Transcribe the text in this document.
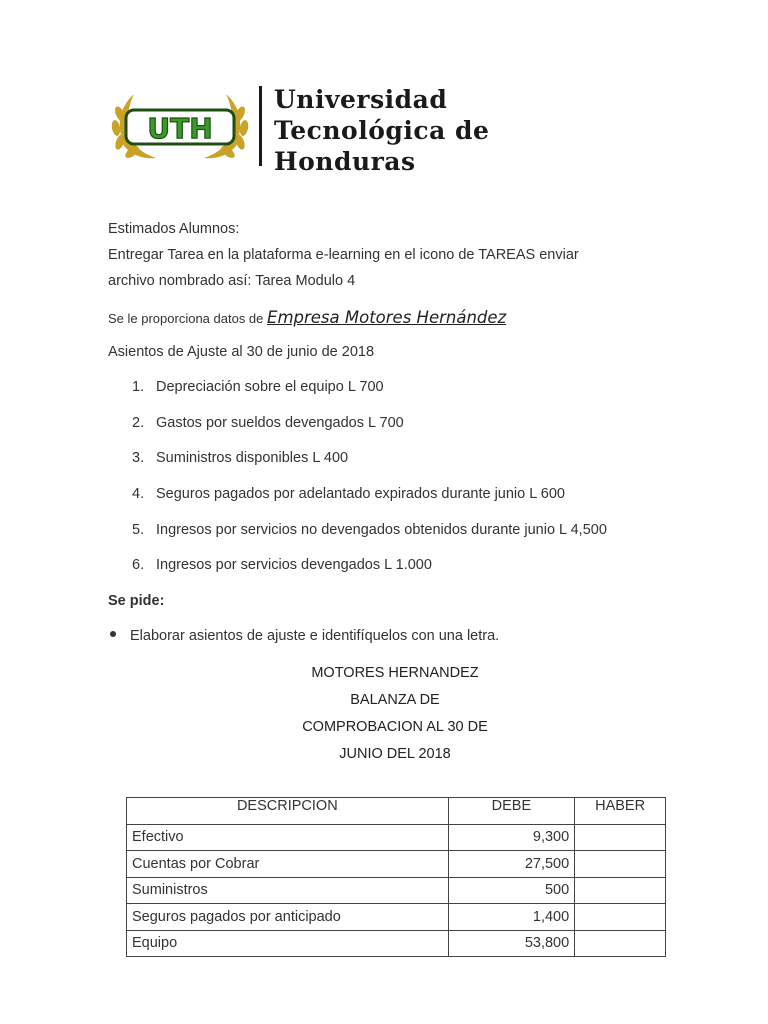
UTH
Universidad
Tecnológica de
Honduras
Estimados Alumnos:
Entregar Tarea en la plataforma e-learning en el icono de TAREAS enviar
archivo nombrado así: Tarea Modulo 4
Se le proporciona datos de Empresa Motores Hernández
Asientos de Ajuste al 30 de junio de 2018
1. Depreciación sobre el equipo L 700
2. Gastos por sueldos devengados L 700
3. Suministros disponibles L 400
4. Seguros pagados por adelantado expirados durante junio L 600
5. Ingresos por servicios no devengados obtenidos durante junio L 4,500
6. Ingresos por servicios devengados L 1.000
Se pide:
Elaborar asientos de ajuste e identifíquelos con una letra.
MOTORES HERNANDEZ
BALANZA DE
COMPROBACION AL 30 DE
JUNIO DEL 2018
DESCRIPCION	DEBE	HABER
Efectivo	9,300	
Cuentas por Cobrar	27,500	
Suministros	500	
Seguros pagados por anticipado	1,400	
Equipo	53,800	
